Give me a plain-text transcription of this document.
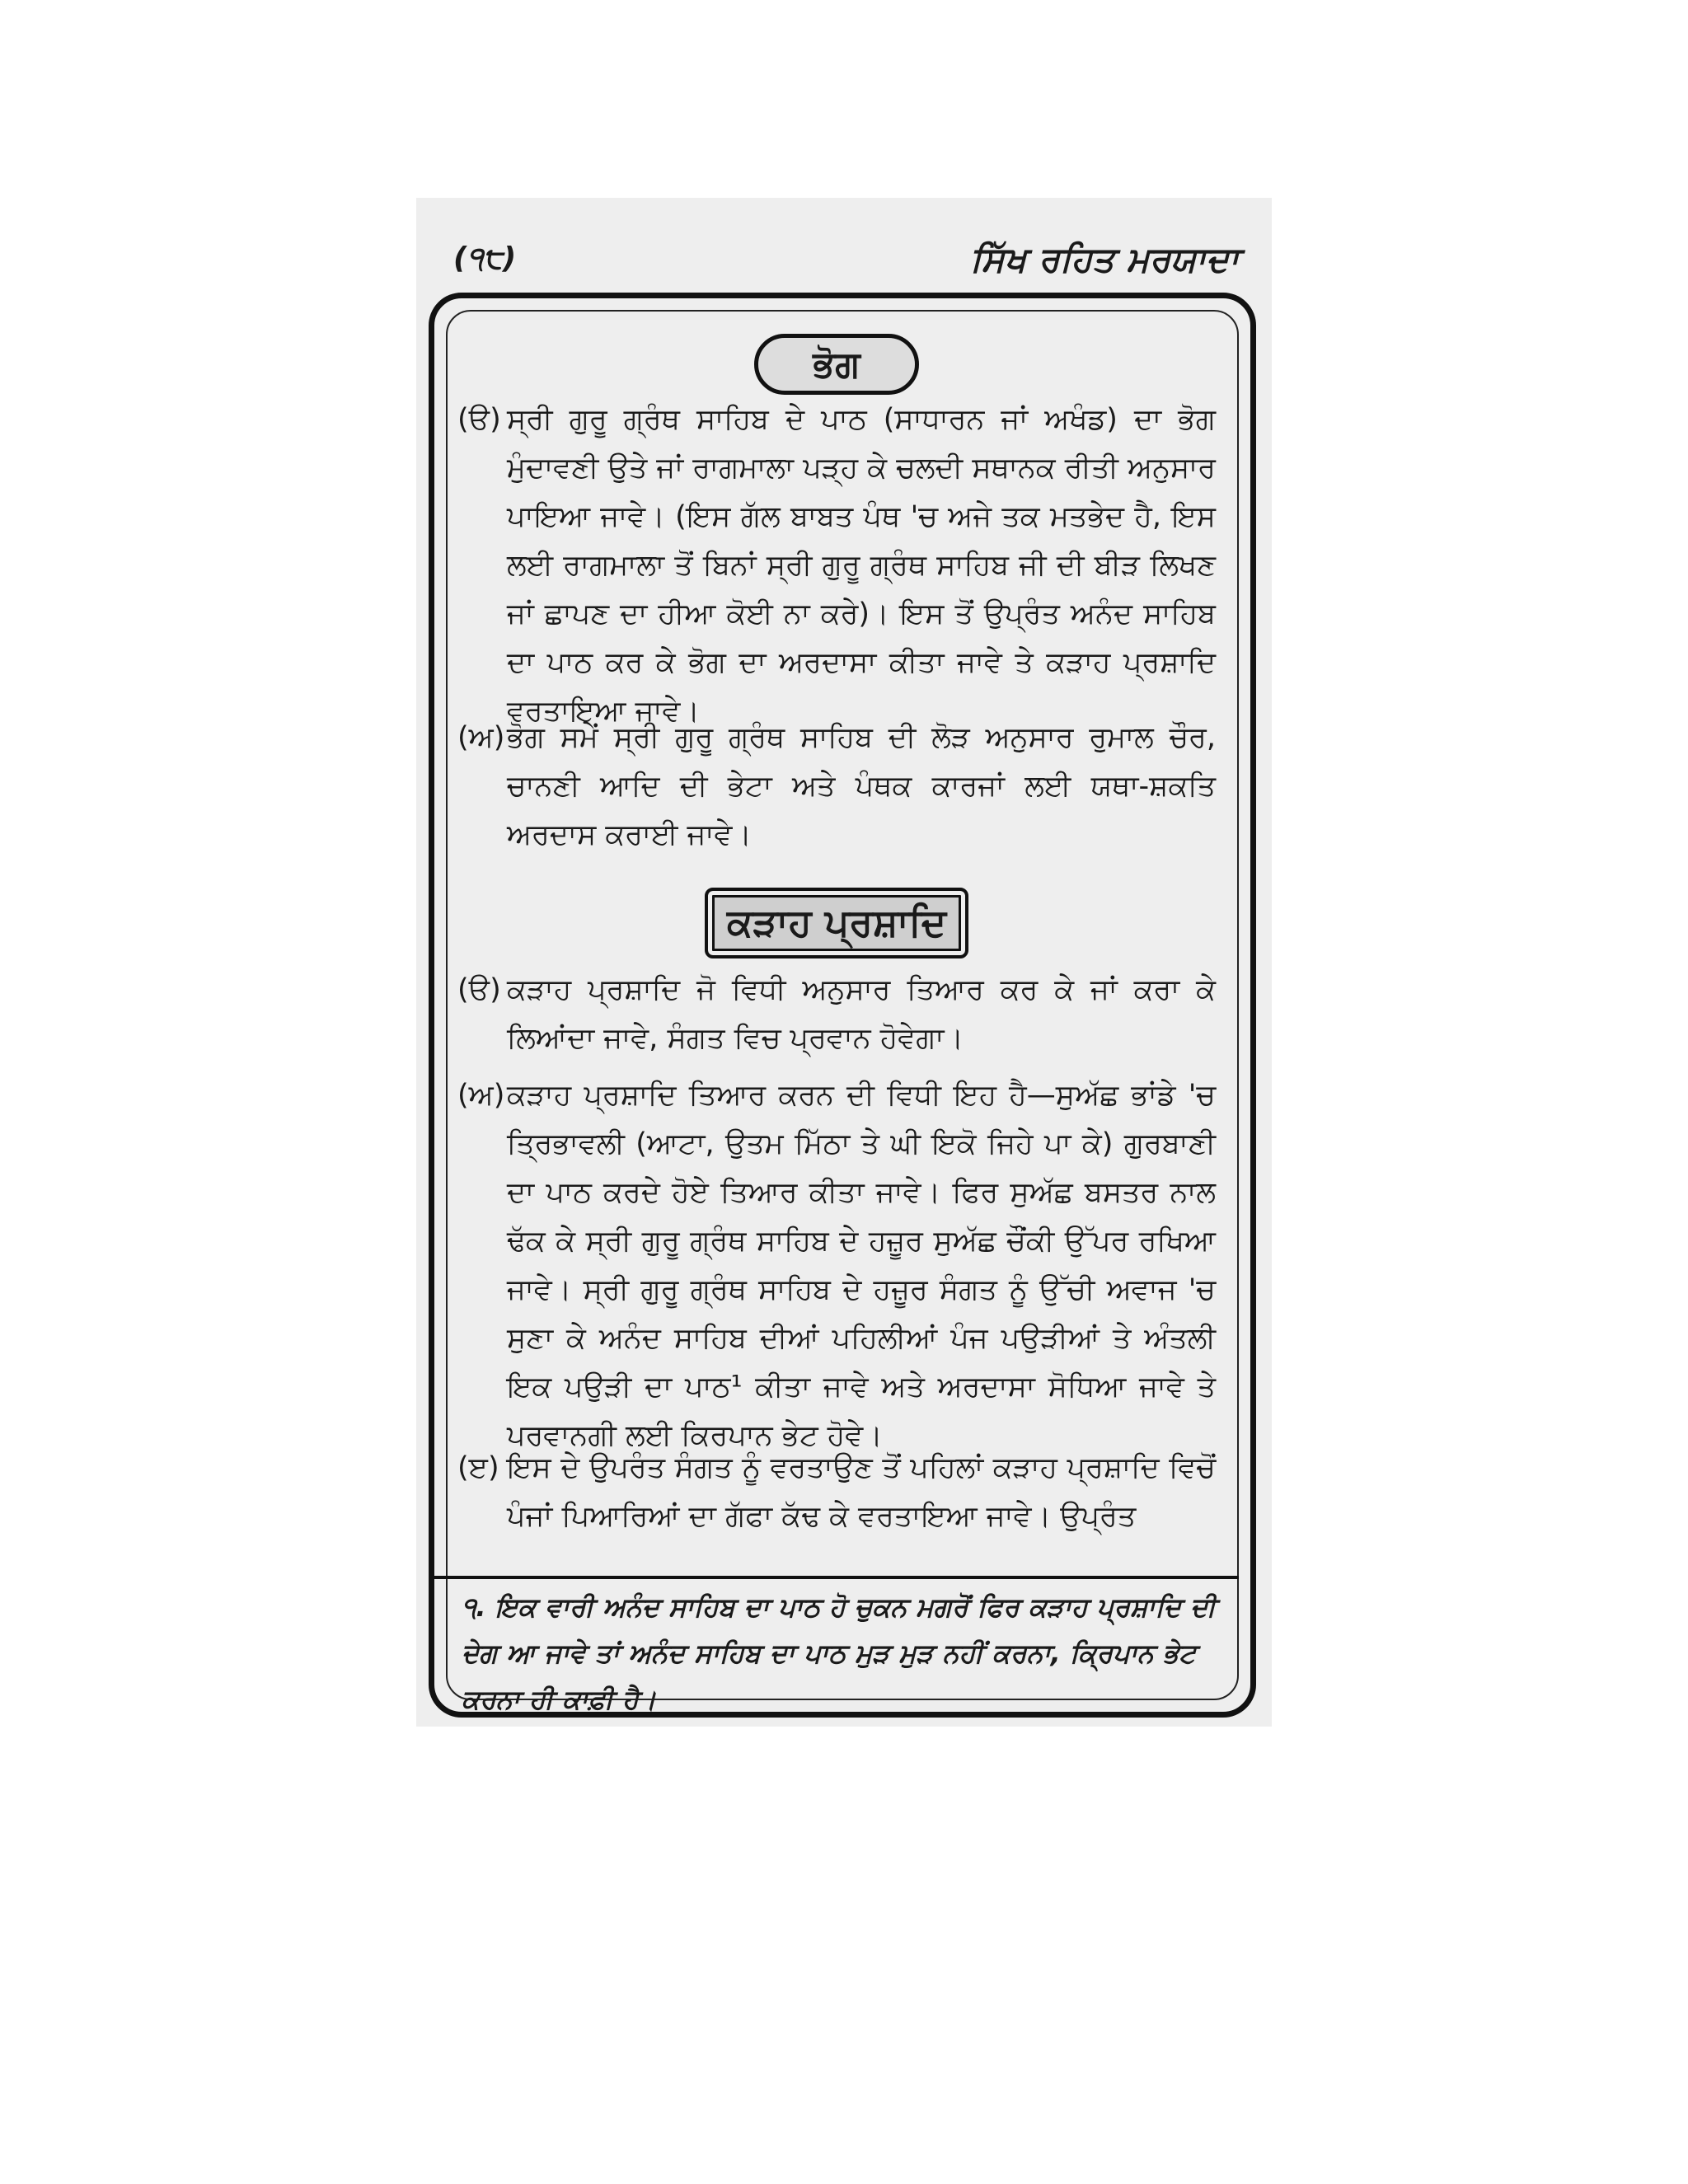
(੧੮)	ਸਿੱਖ ਰਹਿਤ ਮਰਯਾਦਾ
ਭੋਗ
(ੳ) ਸ੍ਰੀ ਗੁਰੂ ਗ੍ਰੰਥ ਸਾਹਿਬ ਦੇ ਪਾਠ (ਸਾਧਾਰਨ ਜਾਂ ਅਖੰਡ) ਦਾ ਭੋਗ ਮੁੰਦਾਵਣੀ ਉਤੇ ਜਾਂ ਰਾਗਮਾਲਾ ਪੜ੍ਹ ਕੇ ਚਲਦੀ ਸਥਾਨਕ ਰੀਤੀ ਅਨੁਸਾਰ ਪਾਇਆ ਜਾਵੇ। (ਇਸ ਗੱਲ ਬਾਬਤ ਪੰਥ 'ਚ ਅਜੇ ਤਕ ਮਤਭੇਦ ਹੈ, ਇਸ ਲਈ ਰਾਗਮਾਲਾ ਤੋਂ ਬਿਨਾਂ ਸ੍ਰੀ ਗੁਰੂ ਗ੍ਰੰਥ ਸਾਹਿਬ ਜੀ ਦੀ ਬੀੜ ਲਿਖਣ ਜਾਂ ਛਾਪਣ ਦਾ ਹੀਆ ਕੋਈ ਨਾ ਕਰੇ)। ਇਸ ਤੋਂ ਉਪ੍ਰੰਤ ਅਨੰਦ ਸਾਹਿਬ ਦਾ ਪਾਠ ਕਰ ਕੇ ਭੋਗ ਦਾ ਅਰਦਾਸਾ ਕੀਤਾ ਜਾਵੇ ਤੇ ਕੜਾਹ ਪ੍ਰਸ਼ਾਦਿ ਵਰਤਾਇਆ ਜਾਵੇ।
(ਅ) ਭੋਗ ਸਮੇਂ ਸ੍ਰੀ ਗੁਰੂ ਗ੍ਰੰਥ ਸਾਹਿਬ ਦੀ ਲੋੜ ਅਨੁਸਾਰ ਰੁਮਾਲ ਚੌਰ, ਚਾਨਣੀ ਆਦਿ ਦੀ ਭੇਟਾ ਅਤੇ ਪੰਥਕ ਕਾਰਜਾਂ ਲਈ ਯਥਾ-ਸ਼ਕਤਿ ਅਰਦਾਸ ਕਰਾਈ ਜਾਵੇ।
ਕੜਾਹ ਪ੍ਰਸ਼ਾਦਿ
(ੳ) ਕੜਾਹ ਪ੍ਰਸ਼ਾਦਿ ਜੋ ਵਿਧੀ ਅਨੁਸਾਰ ਤਿਆਰ ਕਰ ਕੇ ਜਾਂ ਕਰਾ ਕੇ ਲਿਆਂਦਾ ਜਾਵੇ, ਸੰਗਤ ਵਿਚ ਪ੍ਰਵਾਨ ਹੋਵੇਗਾ।
(ਅ) ਕੜਾਹ ਪ੍ਰਸ਼ਾਦਿ ਤਿਆਰ ਕਰਨ ਦੀ ਵਿਧੀ ਇਹ ਹੈ—ਸੁਅੱਛ ਭਾਂਡੇ 'ਚ ਤ੍ਰਿਭਾਵਲੀ (ਆਟਾ, ਉਤਮ ਮਿੱਠਾ ਤੇ ਘੀ ਇਕੋ ਜਿਹੇ ਪਾ ਕੇ) ਗੁਰਬਾਣੀ ਦਾ ਪਾਠ ਕਰਦੇ ਹੋਏ ਤਿਆਰ ਕੀਤਾ ਜਾਵੇ। ਫਿਰ ਸੁਅੱਛ ਬਸਤਰ ਨਾਲ ਢੱਕ ਕੇ ਸ੍ਰੀ ਗੁਰੂ ਗ੍ਰੰਥ ਸਾਹਿਬ ਦੇ ਹਜ਼ੂਰ ਸੁਅੱਛ ਚੌਂਕੀ ਉੱਪਰ ਰਖਿਆ ਜਾਵੇ। ਸ੍ਰੀ ਗੁਰੂ ਗ੍ਰੰਥ ਸਾਹਿਬ ਦੇ ਹਜ਼ੂਰ ਸੰਗਤ ਨੂੰ ਉੱਚੀ ਅਵਾਜ 'ਚ ਸੁਣਾ ਕੇ ਅਨੰਦ ਸਾਹਿਬ ਦੀਆਂ ਪਹਿਲੀਆਂ ਪੰਜ ਪਉੜੀਆਂ ਤੇ ਅੰਤਲੀ ਇਕ ਪਉੜੀ ਦਾ ਪਾਠ¹ ਕੀਤਾ ਜਾਵੇ ਅਤੇ ਅਰਦਾਸਾ ਸੋਧਿਆ ਜਾਵੇ ਤੇ ਪਰਵਾਨਗੀ ਲਈ ਕਿਰਪਾਨ ਭੇਟ ਹੋਵੇ।
(ੲ) ਇਸ ਦੇ ਉਪਰੰਤ ਸੰਗਤ ਨੂੰ ਵਰਤਾਉਣ ਤੋਂ ਪਹਿਲਾਂ ਕੜਾਹ ਪ੍ਰਸ਼ਾਦਿ ਵਿਚੋਂ ਪੰਜਾਂ ਪਿਆਰਿਆਂ ਦਾ ਗੱਫਾ ਕੱਢ ਕੇ ਵਰਤਾਇਆ ਜਾਵੇ। ਉਪ੍ਰੰਤ
੧. ਇਕ ਵਾਰੀ ਅਨੰਦ ਸਾਹਿਬ ਦਾ ਪਾਠ ਹੋ ਚੁਕਨ ਮਗਰੋਂ ਫਿਰ ਕੜਾਹ ਪ੍ਰਸ਼ਾਦਿ ਦੀ ਦੇਗ ਆ ਜਾਵੇ ਤਾਂ ਅਨੰਦ ਸਾਹਿਬ ਦਾ ਪਾਠ ਮੁੜ ਮੁੜ ਨਹੀਂ ਕਰਨਾ, ਕ੍ਰਿਪਾਨ ਭੇਟ ਕਰਨਾ ਹੀ ਕਾਫ਼ੀ ਹੈ।
